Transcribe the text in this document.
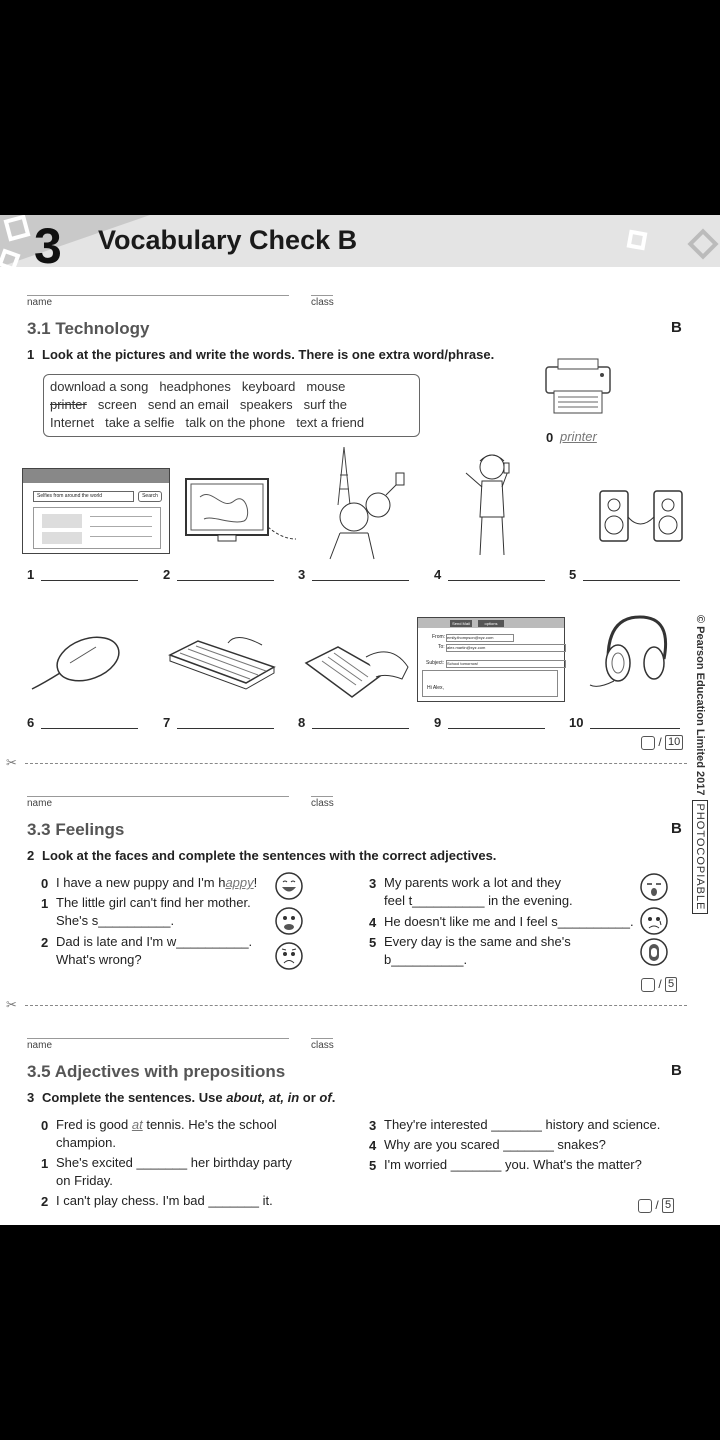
3 Vocabulary Check B
name	class
3.1 Technology	B
1 Look at the pictures and write the words. There is one extra word/phrase.
download a song headphones keyboard mouse
printer screen send an email speakers surf the
Internet take a selfie talk on the phone text a friend
0 printer
Selfies from around the world	Search
1	2	3	4	5
Send Mail	options
From: emily.thompson@xyz.com
To: alex.martin@xyz.com
Subject: School tomorrow!
Hi Alex,
6	7	8	9	10
/ 10
✂
name	class
3.3 Feelings	B
2 Look at the faces and complete the sentences with the correct adjectives.
0 I have a new puppy and I'm happy!
1 The little girl can't find her mother.
She's s__________.
2 Dad is late and I'm w__________.
What's wrong?
3 My parents work a lot and they
feel t__________ in the evening.
4 He doesn't like me and I feel s__________.
5 Every day is the same and she's
b__________.
/ 5
✂
name	class
3.5 Adjectives with prepositions	B
3 Complete the sentences. Use about, at, in or of.
0 Fred is good at tennis. He's the school
champion.
1 She's excited _______ her birthday party
on Friday.
2 I can't play chess. I'm bad _______ it.
3 They're interested _______ history and science.
4 Why are you scared _______ snakes?
5 I'm worried _______ you. What's the matter?
/ 5
© Pearson Education Limited 2017PHOTOCOPIABLE
